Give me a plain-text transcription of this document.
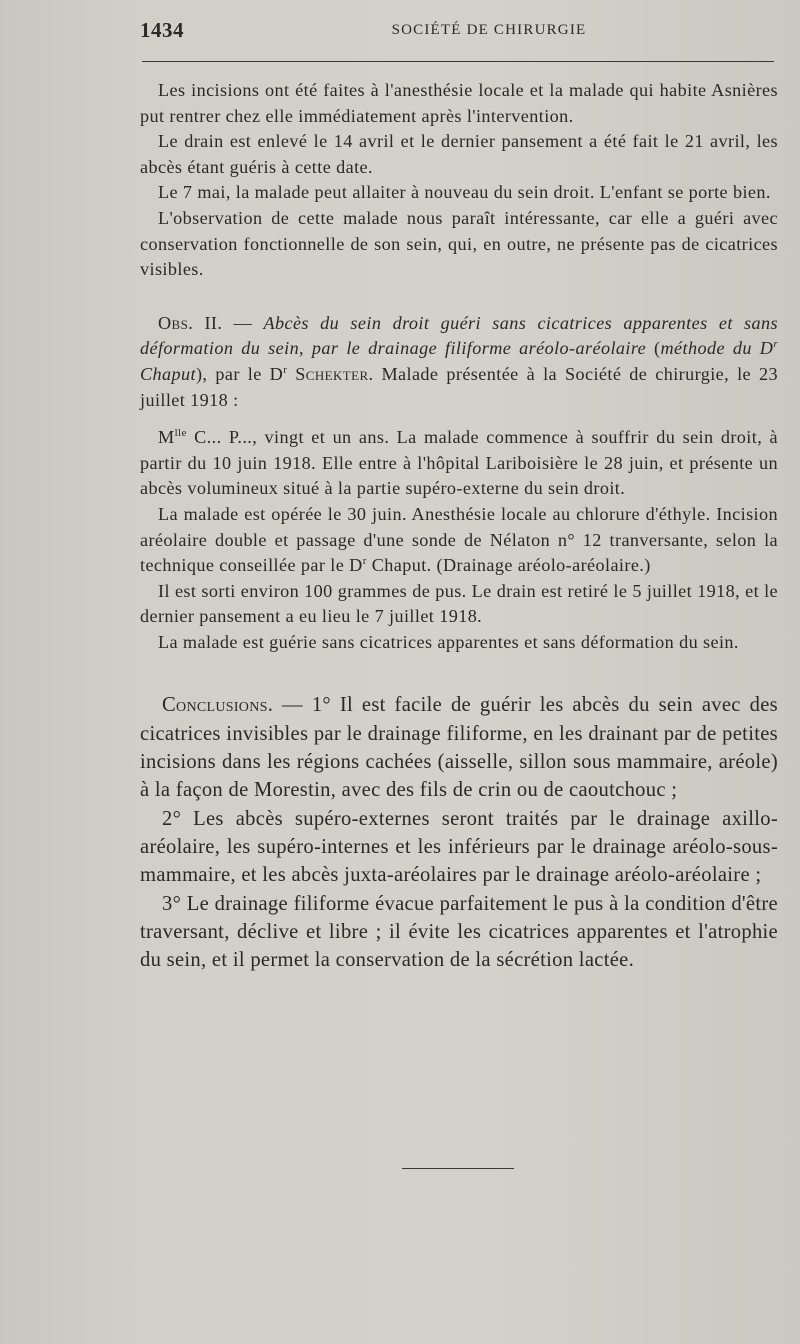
1434	SOCIÉTÉ DE CHIRURGIE

Les incisions ont été faites à l'anesthésie locale et la malade qui habite Asnières put rentrer chez elle immédiatement après l'intervention.

Le drain est enlevé le 14 avril et le dernier pansement a été fait le 21 avril, les abcès étant guéris à cette date.

Le 7 mai, la malade peut allaiter à nouveau du sein droit. L'enfant se porte bien.

L'observation de cette malade nous paraît intéressante, car elle a guéri avec conservation fonctionnelle de son sein, qui, en outre, ne présente pas de cicatrices visibles.

Obs. II. — Abcès du sein droit guéri sans cicatrices apparentes et sans déformation du sein, par le drainage filiforme aréolo-aréolaire (méthode du $D^r$ Chaput), par le $D^r$ Schekter. Malade présentée à la Société de chirurgie, le 23 juillet 1918 :

$M^{lle}$ C... P..., vingt et un ans. La malade commence à souffrir du sein droit, à partir du 10 juin 1918. Elle entre à l'hôpital Lariboisière le 28 juin, et présente un abcès volumineux situé à la partie supéro-externe du sein droit.

La malade est opérée le 30 juin. Anesthésie locale au chlorure d'éthyle. Incision aréolaire double et passage d'une sonde de Nélaton n° 12 tranversante, selon la technique conseillée par le $D^r$ Chaput. (Drainage aréolo-aréolaire.)

Il est sorti environ 100 grammes de pus. Le drain est retiré le 5 juillet 1918, et le dernier pansement a eu lieu le 7 juillet 1918.

La malade est guérie sans cicatrices apparentes et sans déformation du sein.

Conclusions. — 1° Il est facile de guérir les abcès du sein avec des cicatrices invisibles par le drainage filiforme, en les drainant par de petites incisions dans les régions cachées (aisselle, sillon sous mammaire, aréole) à la façon de Morestin, avec des fils de crin ou de caoutchouc ;

2° Les abcès supéro-externes seront traités par le drainage axillo-aréolaire, les supéro-internes et les inférieurs par le drainage aréolo-sous-mammaire, et les abcès juxta-aréolaires par le drainage aréolo-aréolaire ;

3° Le drainage filiforme évacue parfaitement le pus à la condition d'être traversant, déclive et libre ; il évite les cicatrices apparentes et l'atrophie du sein, et il permet la conservation de la sécrétion lactée.
